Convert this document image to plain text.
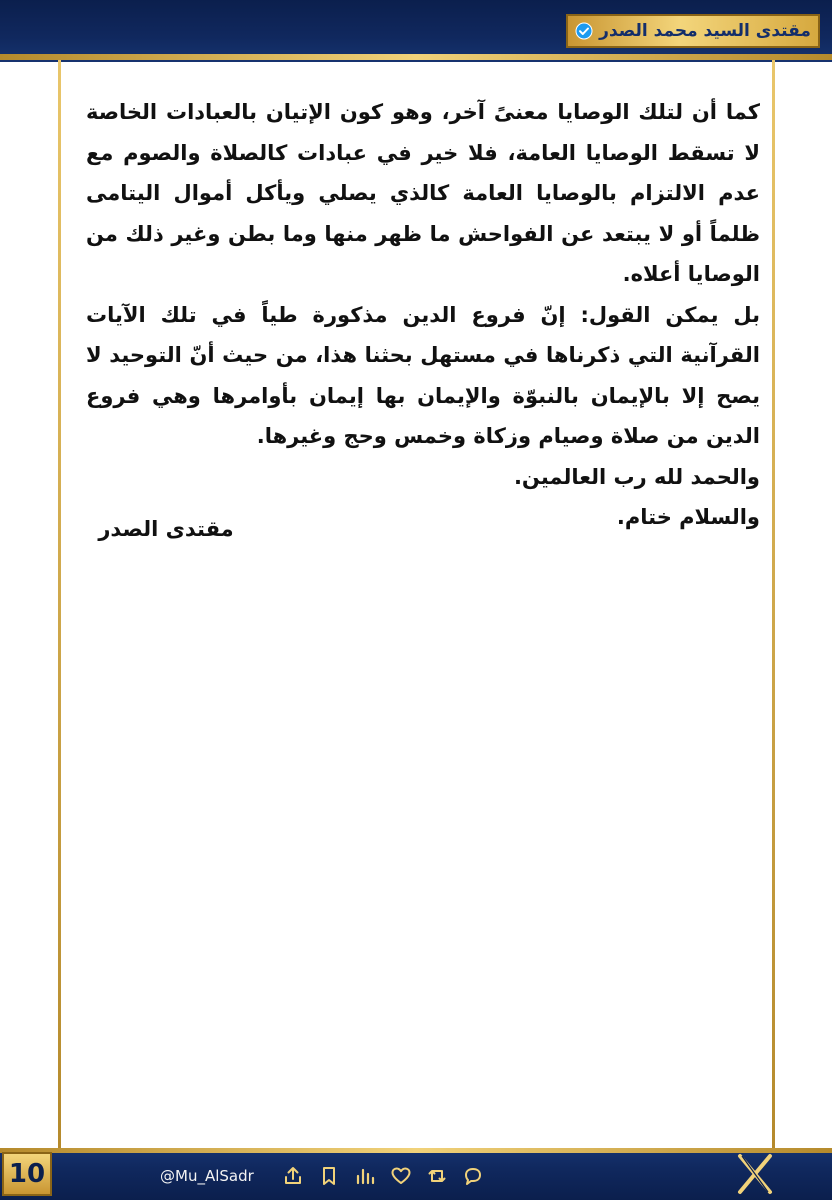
مقتدى السيد محمد الصدر

كما أن لتلك الوصايا معنىً آخر، وهو كون الإتيان بالعبادات الخاصة لا تسقط الوصايا العامة، فلا خير في عبادات كالصلاة والصوم مع عدم الالتزام بالوصايا العامة كالذي يصلي ويأكل أموال اليتامى ظلماً أو لا يبتعد عن الفواحش ما ظهر منها وما بطن وغير ذلك من الوصايا أعلاه.

بل يمكن القول: إنّ فروع الدين مذكورة طياً في تلك الآيات القرآنية التي ذكرناها في مستهل بحثنا هذا، من حيث أنّ التوحيد لا يصح إلا بالإيمان بالنبوّة والإيمان بها إيمان بأوامرها وهي فروع الدين من صلاة وصيام وزكاة وخمس وحج وغيرها.

والحمد لله رب العالمين.

والسلام ختام.

مقتدى الصدر
10	@Mu_AlSadr
